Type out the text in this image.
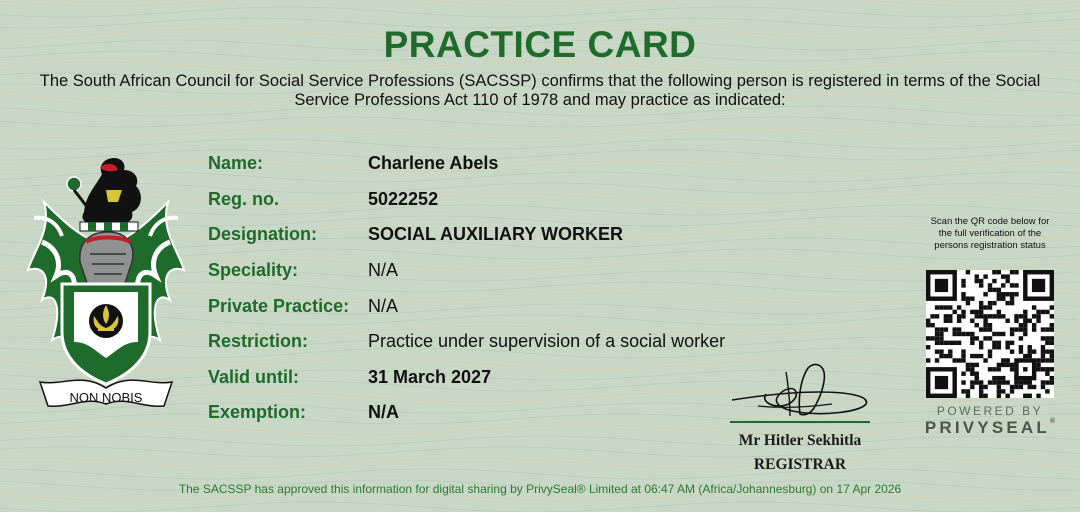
PRACTICE CARD
The South African Council for Social Service Professions (SACSSP) confirms that the following person is registered in terms of the Social
Service Professions Act 110 of 1978 and may practice as indicated:
NON NOBIS
Name:	Charlene Abels
Reg. no.	5022252
Designation:	SOCIAL AUXILIARY WORKER
Speciality:	N/A
Private Practice:	N/A
Restriction:	Practice under supervision of a social worker
Valid until:	31 March 2027
Exemption:	N/A
Mr Hitler Sekhitla
REGISTRAR
Scan the QR code below for
the full verification of the
persons registration status
POWERED BY
PRIVYSEAL®
The SACSSP has approved this information for digital sharing by PrivySeal® Limited at 06:47 AM (Africa/Johannesburg) on 17 Apr 2026
